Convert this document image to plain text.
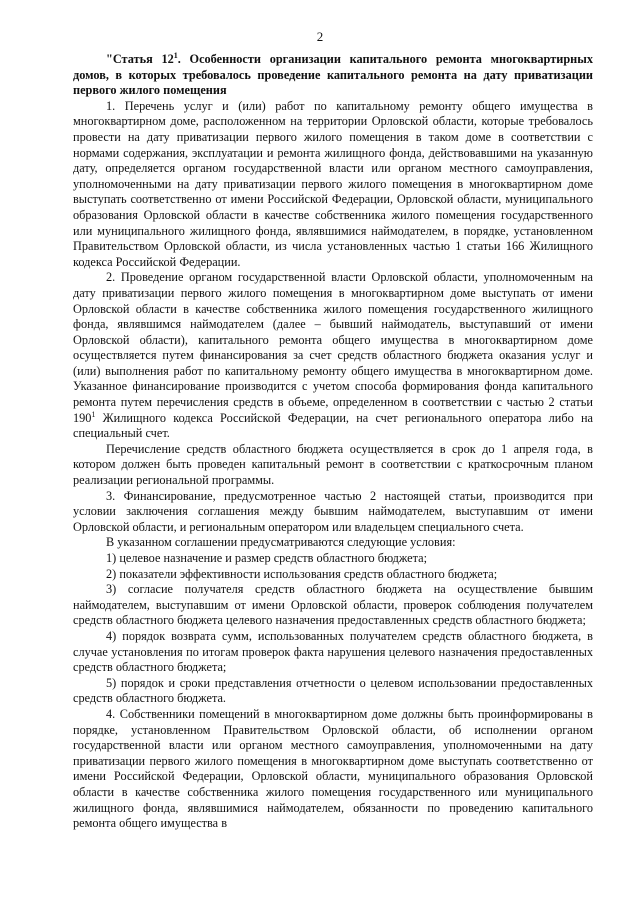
2

"Статья $12^1$. Особенности организации капитального ремонта многоквартирных домов, в которых требовалось проведение капитального ремонта на дату приватизации первого жилого помещения

1. Перечень услуг и (или) работ по капитальному ремонту общего имущества в многоквартирном доме, расположенном на территории Орловской области, которые требовалось провести на дату приватизации первого жилого помещения в таком доме в соответствии с нормами содержания, эксплуатации и ремонта жилищного фонда, действовавшими на указанную дату, определяется органом государственной власти или органом местного самоуправления, уполномоченными на дату приватизации первого жилого помещения в многоквартирном доме выступать соответственно от имени Российской Федерации, Орловской области, муниципального образования Орловской области в качестве собственника жилого помещения государственного или муниципального жилищного фонда, являвшимися наймодателем, в порядке, установленном Правительством Орловской области, из числа установленных частью 1 статьи 166 Жилищного кодекса Российской Федерации.

2. Проведение органом государственной власти Орловской области, уполномоченным на дату приватизации первого жилого помещения в многоквартирном доме выступать от имени Орловской области в качестве собственника жилого помещения государственного жилищного фонда, являвшимся наймодателем (далее – бывший наймодатель, выступавший от имени Орловской области), капитального ремонта общего имущества в многоквартирном доме осуществляется путем финансирования за счет средств областного бюджета оказания услуг и (или) выполнения работ по капитальному ремонту общего имущества в многоквартирном доме. Указанное финансирование производится с учетом способа формирования фонда капитального ремонта путем перечисления средств в объеме, определенном в соответствии с частью 2 статьи $190^1$ Жилищного кодекса Российской Федерации, на счет регионального оператора либо на специальный счет.

Перечисление средств областного бюджета осуществляется в срок до 1 апреля года, в котором должен быть проведен капитальный ремонт в соответствии с краткосрочным планом реализации региональной программы.

3. Финансирование, предусмотренное частью 2 настоящей статьи, производится при условии заключения соглашения между бывшим наймодателем, выступавшим от имени Орловской области, и региональным оператором или владельцем специального счета.

В указанном соглашении предусматриваются следующие условия:

1) целевое назначение и размер средств областного бюджета;

2) показатели эффективности использования средств областного бюджета;

3) согласие получателя средств областного бюджета на осуществление бывшим наймодателем, выступавшим от имени Орловской области, проверок соблюдения получателем средств областного бюджета целевого назначения предоставленных средств областного бюджета;

4) порядок возврата сумм, использованных получателем средств областного бюджета, в случае установления по итогам проверок факта нарушения целевого назначения предоставленных средств областного бюджета;

5) порядок и сроки представления отчетности о целевом использовании предоставленных средств областного бюджета.

4. Собственники помещений в многоквартирном доме должны быть проинформированы в порядке, установленном Правительством Орловской области, об исполнении органом государственной власти или органом местного самоуправления, уполномоченными на дату приватизации первого жилого помещения в многоквартирном доме выступать соответственно от имени Российской Федерации, Орловской области, муниципального образования Орловской области в качестве собственника жилого помещения государственного или муниципального жилищного фонда, являвшимися наймодателем, обязанности по проведению капитального ремонта общего имущества в
